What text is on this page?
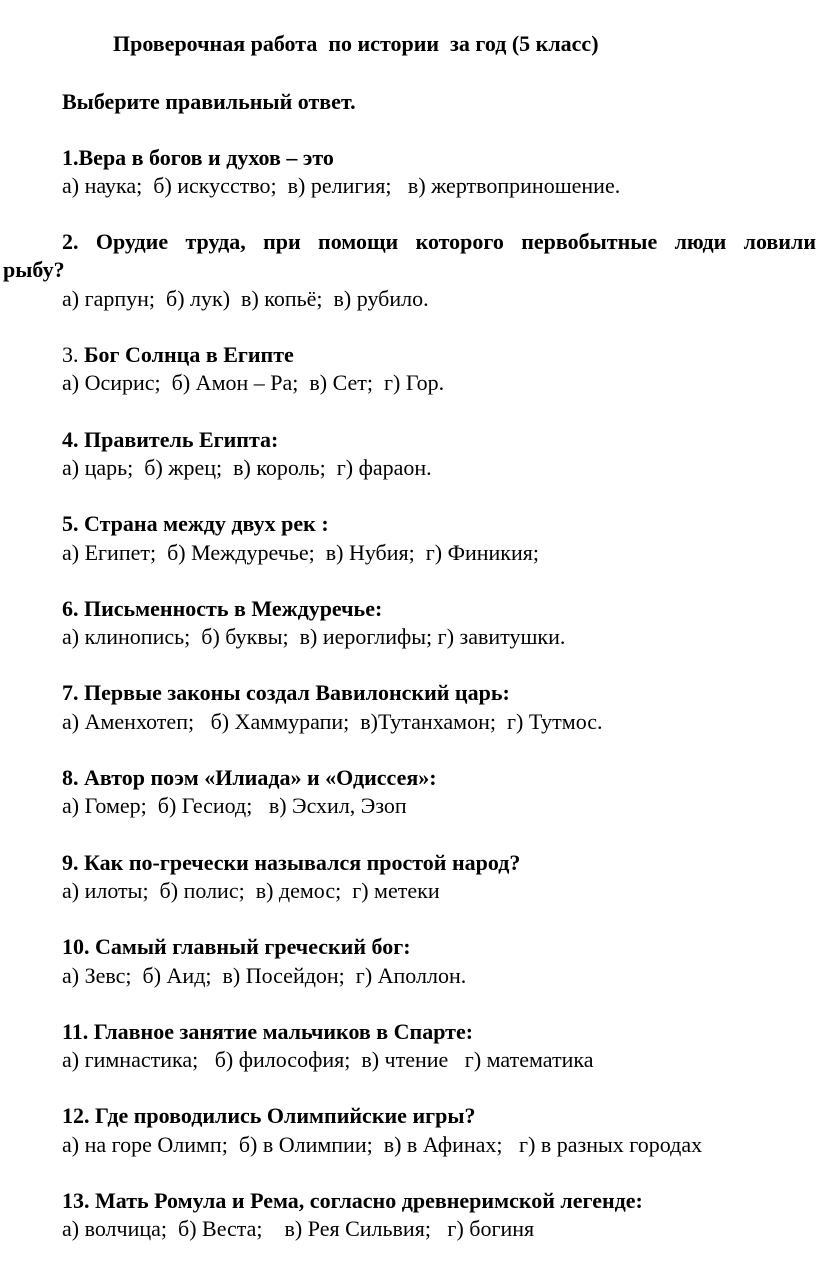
Проверочная работа  по истории  за год (5 класс)

Выберите правильный ответ.

1.Вера в богов и духов – это

а) наука;  б) искусство;  в) религия;   в) жертвоприношение.

2. Орудие труда, при помощи которого первобытные люди ловили

рыбу?

а) гарпун;  б) лук)  в) копьё;  в) рубило.

3. Бог Солнца в Египте

а) Осирис;  б) Амон – Ра;  в) Сет;  г) Гор.

4. Правитель Египта:

а) царь;  б) жрец;  в) король;  г) фараон.

5. Страна между двух рек :

а) Египет;  б) Междуречье;  в) Нубия;  г) Финикия;

6. Письменность в Междуречье:

а) клинопись;  б) буквы;  в) иероглифы; г) завитушки.

7. Первые законы создал Вавилонский царь:

а) Аменхотеп;   б) Хаммурапи;  в)Тутанхамон;  г) Тутмос.

8. Автор поэм «Илиада» и «Одиссея»:

а) Гомер;  б) Гесиод;   в) Эсхил, Эзоп

9. Как по-гречески назывался простой народ?

а) илоты;  б) полис;  в) демос;  г) метеки

10. Самый главный греческий бог:

а) Зевс;  б) Аид;  в) Посейдон;  г) Аполлон.

11. Главное занятие мальчиков в Спарте:

а) гимнастика;   б) философия;  в) чтение   г) математика

12. Где проводились Олимпийские игры?

а) на горе Олимп;  б) в Олимпии;  в) в Афинах;   г) в разных городах

13. Мать Ромула и Рема, согласно древнеримской легенде:

а) волчица;  б) Веста;    в) Рея Сильвия;   г) богиня
